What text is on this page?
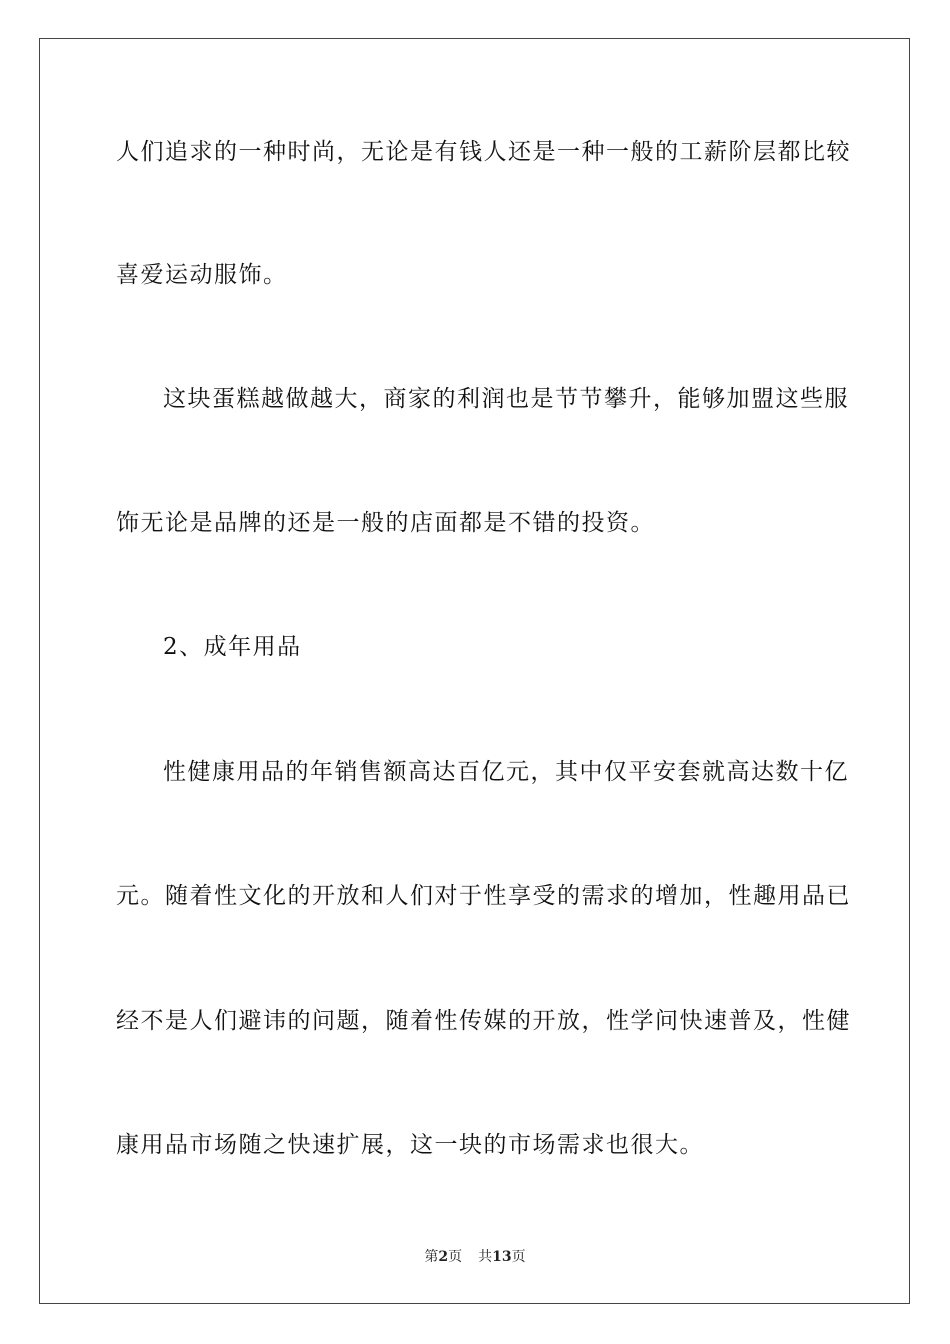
人们追求的一种时尚，无论是有钱人还是一种一般的工薪阶层都比较
喜爱运动服饰。
这块蛋糕越做越大，商家的利润也是节节攀升，能够加盟这些服
饰无论是品牌的还是一般的店面都是不错的投资。
2、成年用品
性健康用品的年销售额高达百亿元，其中仅平安套就高达数十亿
元。随着性文化的开放和人们对于性享受的需求的增加，性趣用品已
经不是人们避讳的问题，随着性传媒的开放，性学问快速普及，性健
康用品市场随之快速扩展，这一块的市场需求也很大。
第2页 共13页
